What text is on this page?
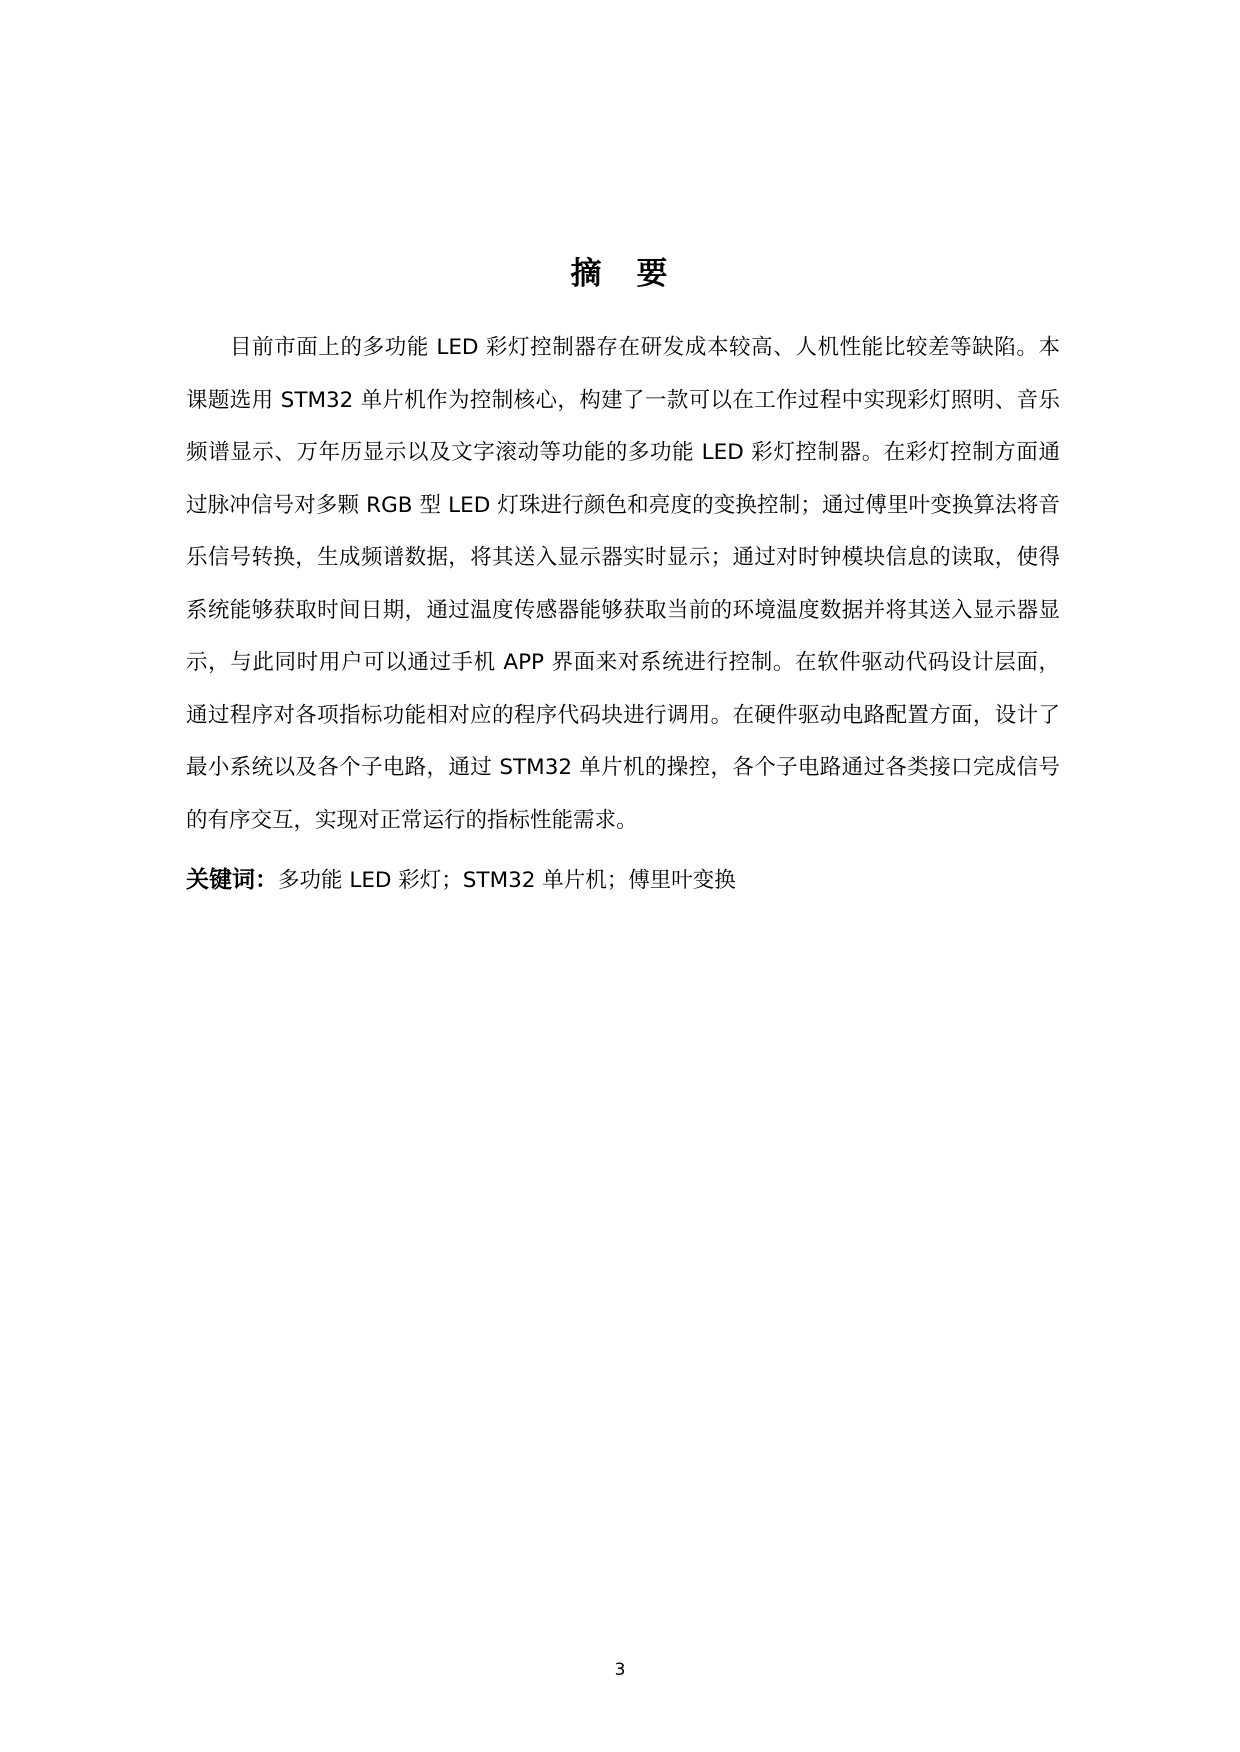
摘　要
目前市面上的多功能 LED 彩灯控制器存在研发成本较高、人机性能比较差等缺陷。本
课题选用 STM32 单片机作为控制核心，构建了一款可以在工作过程中实现彩灯照明、音乐
频谱显示、万年历显示以及文字滚动等功能的多功能 LED 彩灯控制器。在彩灯控制方面通
过脉冲信号对多颗 RGB 型 LED 灯珠进行颜色和亮度的变换控制；通过傅里叶变换算法将音
乐信号转换，生成频谱数据，将其送入显示器实时显示；通过对时钟模块信息的读取，使得
系统能够获取时间日期，通过温度传感器能够获取当前的环境温度数据并将其送入显示器显
示，与此同时用户可以通过手机 APP 界面来对系统进行控制。在软件驱动代码设计层面，
通过程序对各项指标功能相对应的程序代码块进行调用。在硬件驱动电路配置方面，设计了
最小系统以及各个子电路，通过 STM32 单片机的操控，各个子电路通过各类接口完成信号
的有序交互，实现对正常运行的指标性能需求。
关键词：多功能 LED 彩灯；STM32 单片机；傅里叶变换
3
